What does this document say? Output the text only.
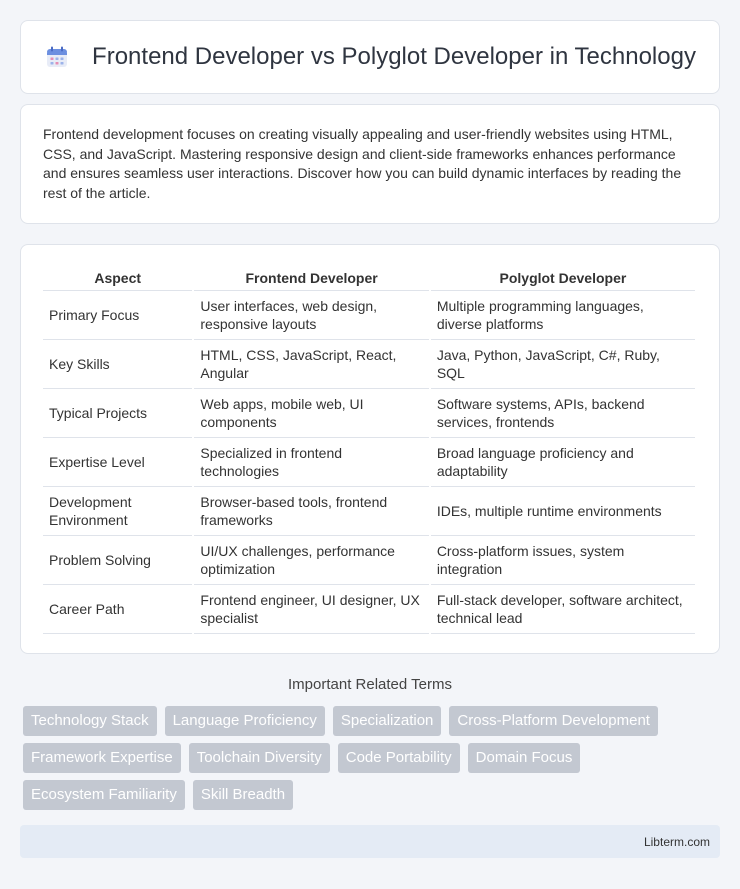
Frontend Developer vs Polyglot Developer in Technology

Frontend development focuses on creating visually appealing and user-friendly websites using HTML, CSS, and JavaScript. Mastering responsive design and client-side frameworks enhances performance and ensures seamless user interactions. Discover how you can build dynamic interfaces by reading the rest of the article.

Aspect	Frontend Developer	Polyglot Developer
Primary Focus	User interfaces, web design, responsive layouts	Multiple programming languages, diverse platforms
Key Skills	HTML, CSS, JavaScript, React, Angular	Java, Python, JavaScript, C#, Ruby, SQL
Typical Projects	Web apps, mobile web, UI components	Software systems, APIs, backend services, frontends
Expertise Level	Specialized in frontend technologies	Broad language proficiency and adaptability
Development Environment	Browser-based tools, frontend frameworks	IDEs, multiple runtime environments
Problem Solving	UI/UX challenges, performance optimization	Cross-platform issues, system integration
Career Path	Frontend engineer, UI designer, UX specialist	Full-stack developer, software architect, technical lead
Important Related Terms
Technology Stack	Language Proficiency	Specialization	Cross-Platform Development
Framework Expertise	Toolchain Diversity	Code Portability	Domain Focus
Ecosystem Familiarity	Skill Breadth
Libterm.com
